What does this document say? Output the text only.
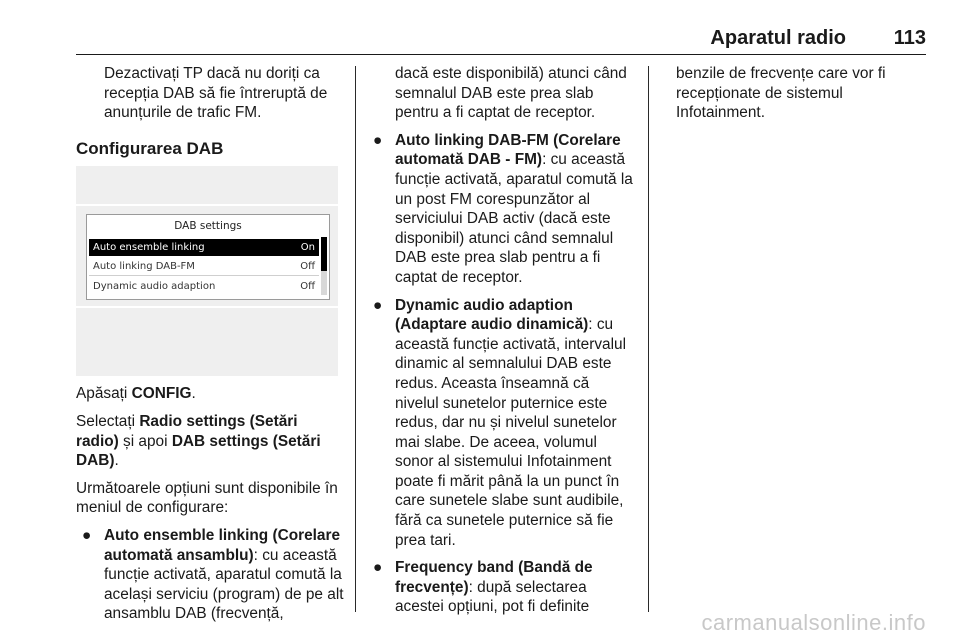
Aparatul radio 113

Dezactivați TP dacă nu doriți ca recepția DAB să fie întreruptă de anunțurile de trafic FM.

Configurarea DAB

DAB settings
Auto ensemble linking	On
Auto linking DAB-FM	Off
Dynamic audio adaption	Off

Apăsați CONFIG.

Selectați Radio settings (Setări radio) și apoi DAB settings (Setări DAB).

Următoarele opțiuni sunt disponibile în meniul de configurare:

● Auto ensemble linking (Corelare automată ansamblu): cu această funcție activată, aparatul comută la același serviciu (program) de pe alt ansamblu DAB (frecvență,

dacă este disponibilă) atunci când semnalul DAB este prea slab pentru a fi captat de receptor.

● Auto linking DAB-FM (Corelare automată DAB - FM): cu această funcție activată, aparatul comută la un post FM corespunzător al serviciului DAB activ (dacă este disponibil) atunci când semnalul DAB este prea slab pentru a fi captat de receptor.

● Dynamic audio adaption (Adaptare audio dinamică): cu această funcție activată, intervalul dinamic al semnalului DAB este redus. Aceasta înseamnă că nivelul sunetelor puternice este redus, dar nu și nivelul sunetelor mai slabe. De aceea, volumul sonor al sistemului Infotainment poate fi mărit până la un punct în care sunetele slabe sunt audibile, fără ca sunetele puternice să fie prea tari.

● Frequency band (Bandă de frecvențe): după selectarea acestei opțiuni, pot fi definite

benzile de frecvențe care vor fi recepționate de sistemul Infotainment.

carmanualsonline.info
